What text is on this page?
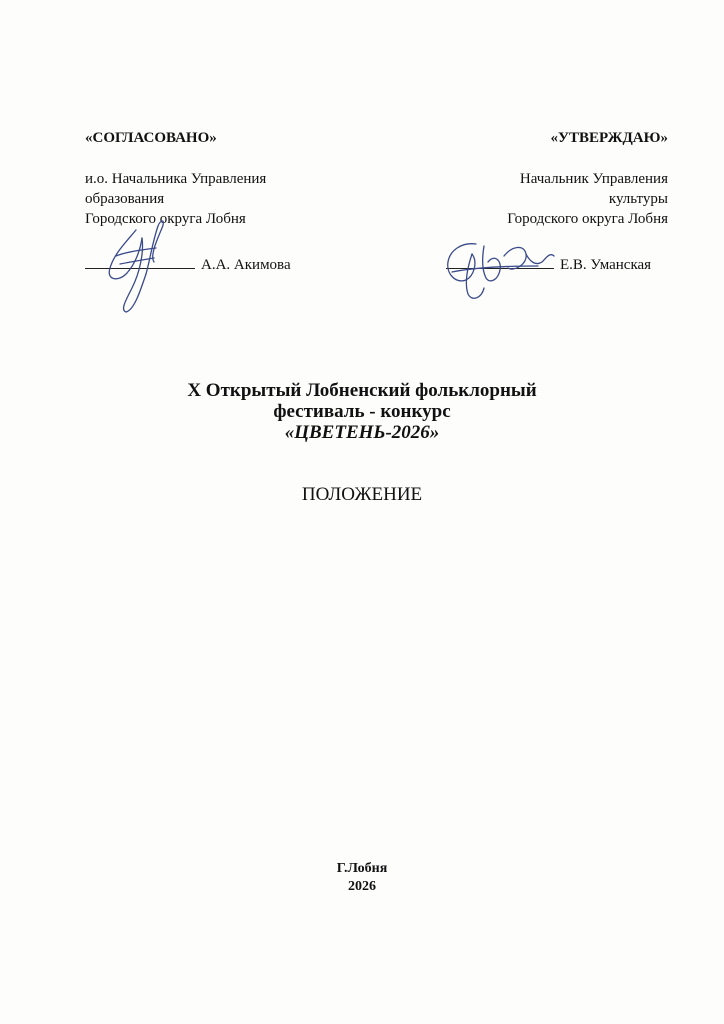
«СОГЛАСОВАНО»
и.о. Начальника Управления
образования
Городского округа Лобня
А.А. Акимова
«УТВЕРЖДАЮ»
Начальник Управления
культуры
Городского округа Лобня
Е.В. Уманская
X Открытый Лобненский фольклорный
фестиваль - конкурс
«ЦВЕТЕНЬ-2026»
ПОЛОЖЕНИЕ
Г.Лобня
2026
